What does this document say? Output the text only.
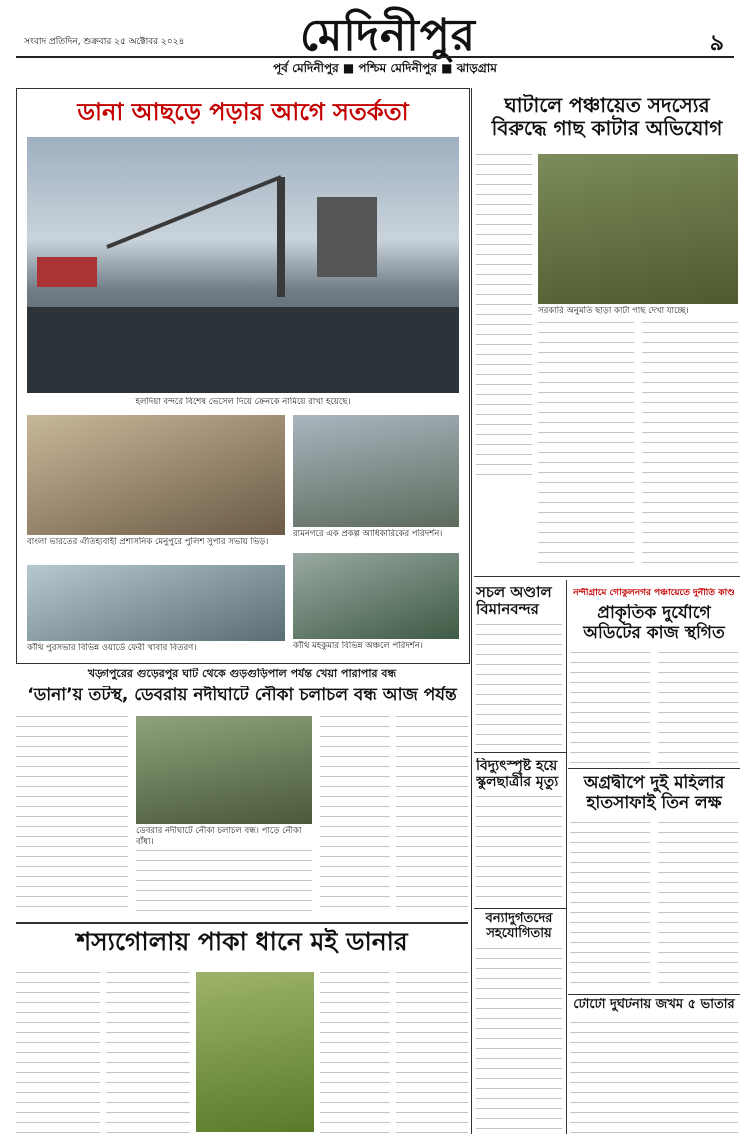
সংবাদ প্রতিদিন, শুক্রবার ২৫ অক্টোবর ২০২৪	মেদিনীপুর	৯
পূর্ব মেদিনীপুর ■ পশ্চিম মেদিনীপুর ■ ঝাড়গ্রাম
ডানা আছড়ে পড়ার আগে সতর্কতা
হলদিয়া বন্দরে বিশেষ ভেসেল দিয়ে ক্রেনকে নামিয়ে রাখা হয়েছে।
বাংলা ভারতের ঐতিহ্যবাহী প্রশাসনিক মেনুপুরে পুলিশ সুপার সভায় ভিড়।
রামনগরে এক প্রকল্প আধিকারিকের পরিদর্শন।
কাঁথি পুরসভার বিভিন্ন ওয়ার্ডে ফেরী খাবার বিতরণ।	কাঁথি মহকুমার বিভিন্ন অঞ্চলে পরিদর্শন।
ঘাটালে পঞ্চায়েত সদস্যের বিরুদ্ধে গাছ কাটার অভিযোগ
সরকারি অনুমতি ছাড়া কাটা গাছ দেখা যাচ্ছে।
খড়্গপুরের গুড়েরপুর ঘাট থেকে গুড়গুড়িপাল পর্যন্ত খেয়া পারাপার বন্ধ
‘ডানা’য় তটস্থ, ডেবরায় নদীঘাটে নৌকা চলাচল বন্ধ আজ পর্যন্ত
ডেবরার নদীঘাটে নৌকা চলাচল বন্ধ। পাড়ে নৌকা বাঁধা।
সচল অণ্ডাল বিমানবন্দর
বিদ্যুৎস্পৃষ্ট হয়ে স্কুলছাত্রীর মৃত্যু
বন্যাদুর্গতদের সহযোগিতায়
নন্দীগ্রামে গোকুলনগর পঞ্চায়েতে দুর্নীতি কাণ্ড
প্রাকৃতিক দুর্যোগে অডিটের কাজ স্থগিত
অগ্রদ্বীপে দুই মহিলার হাতসাফাই তিন লক্ষ
টোটো দুর্ঘটনায় জখম ৫ ভাতার
শস্যগোলায় পাকা ধানে মই ডানার
